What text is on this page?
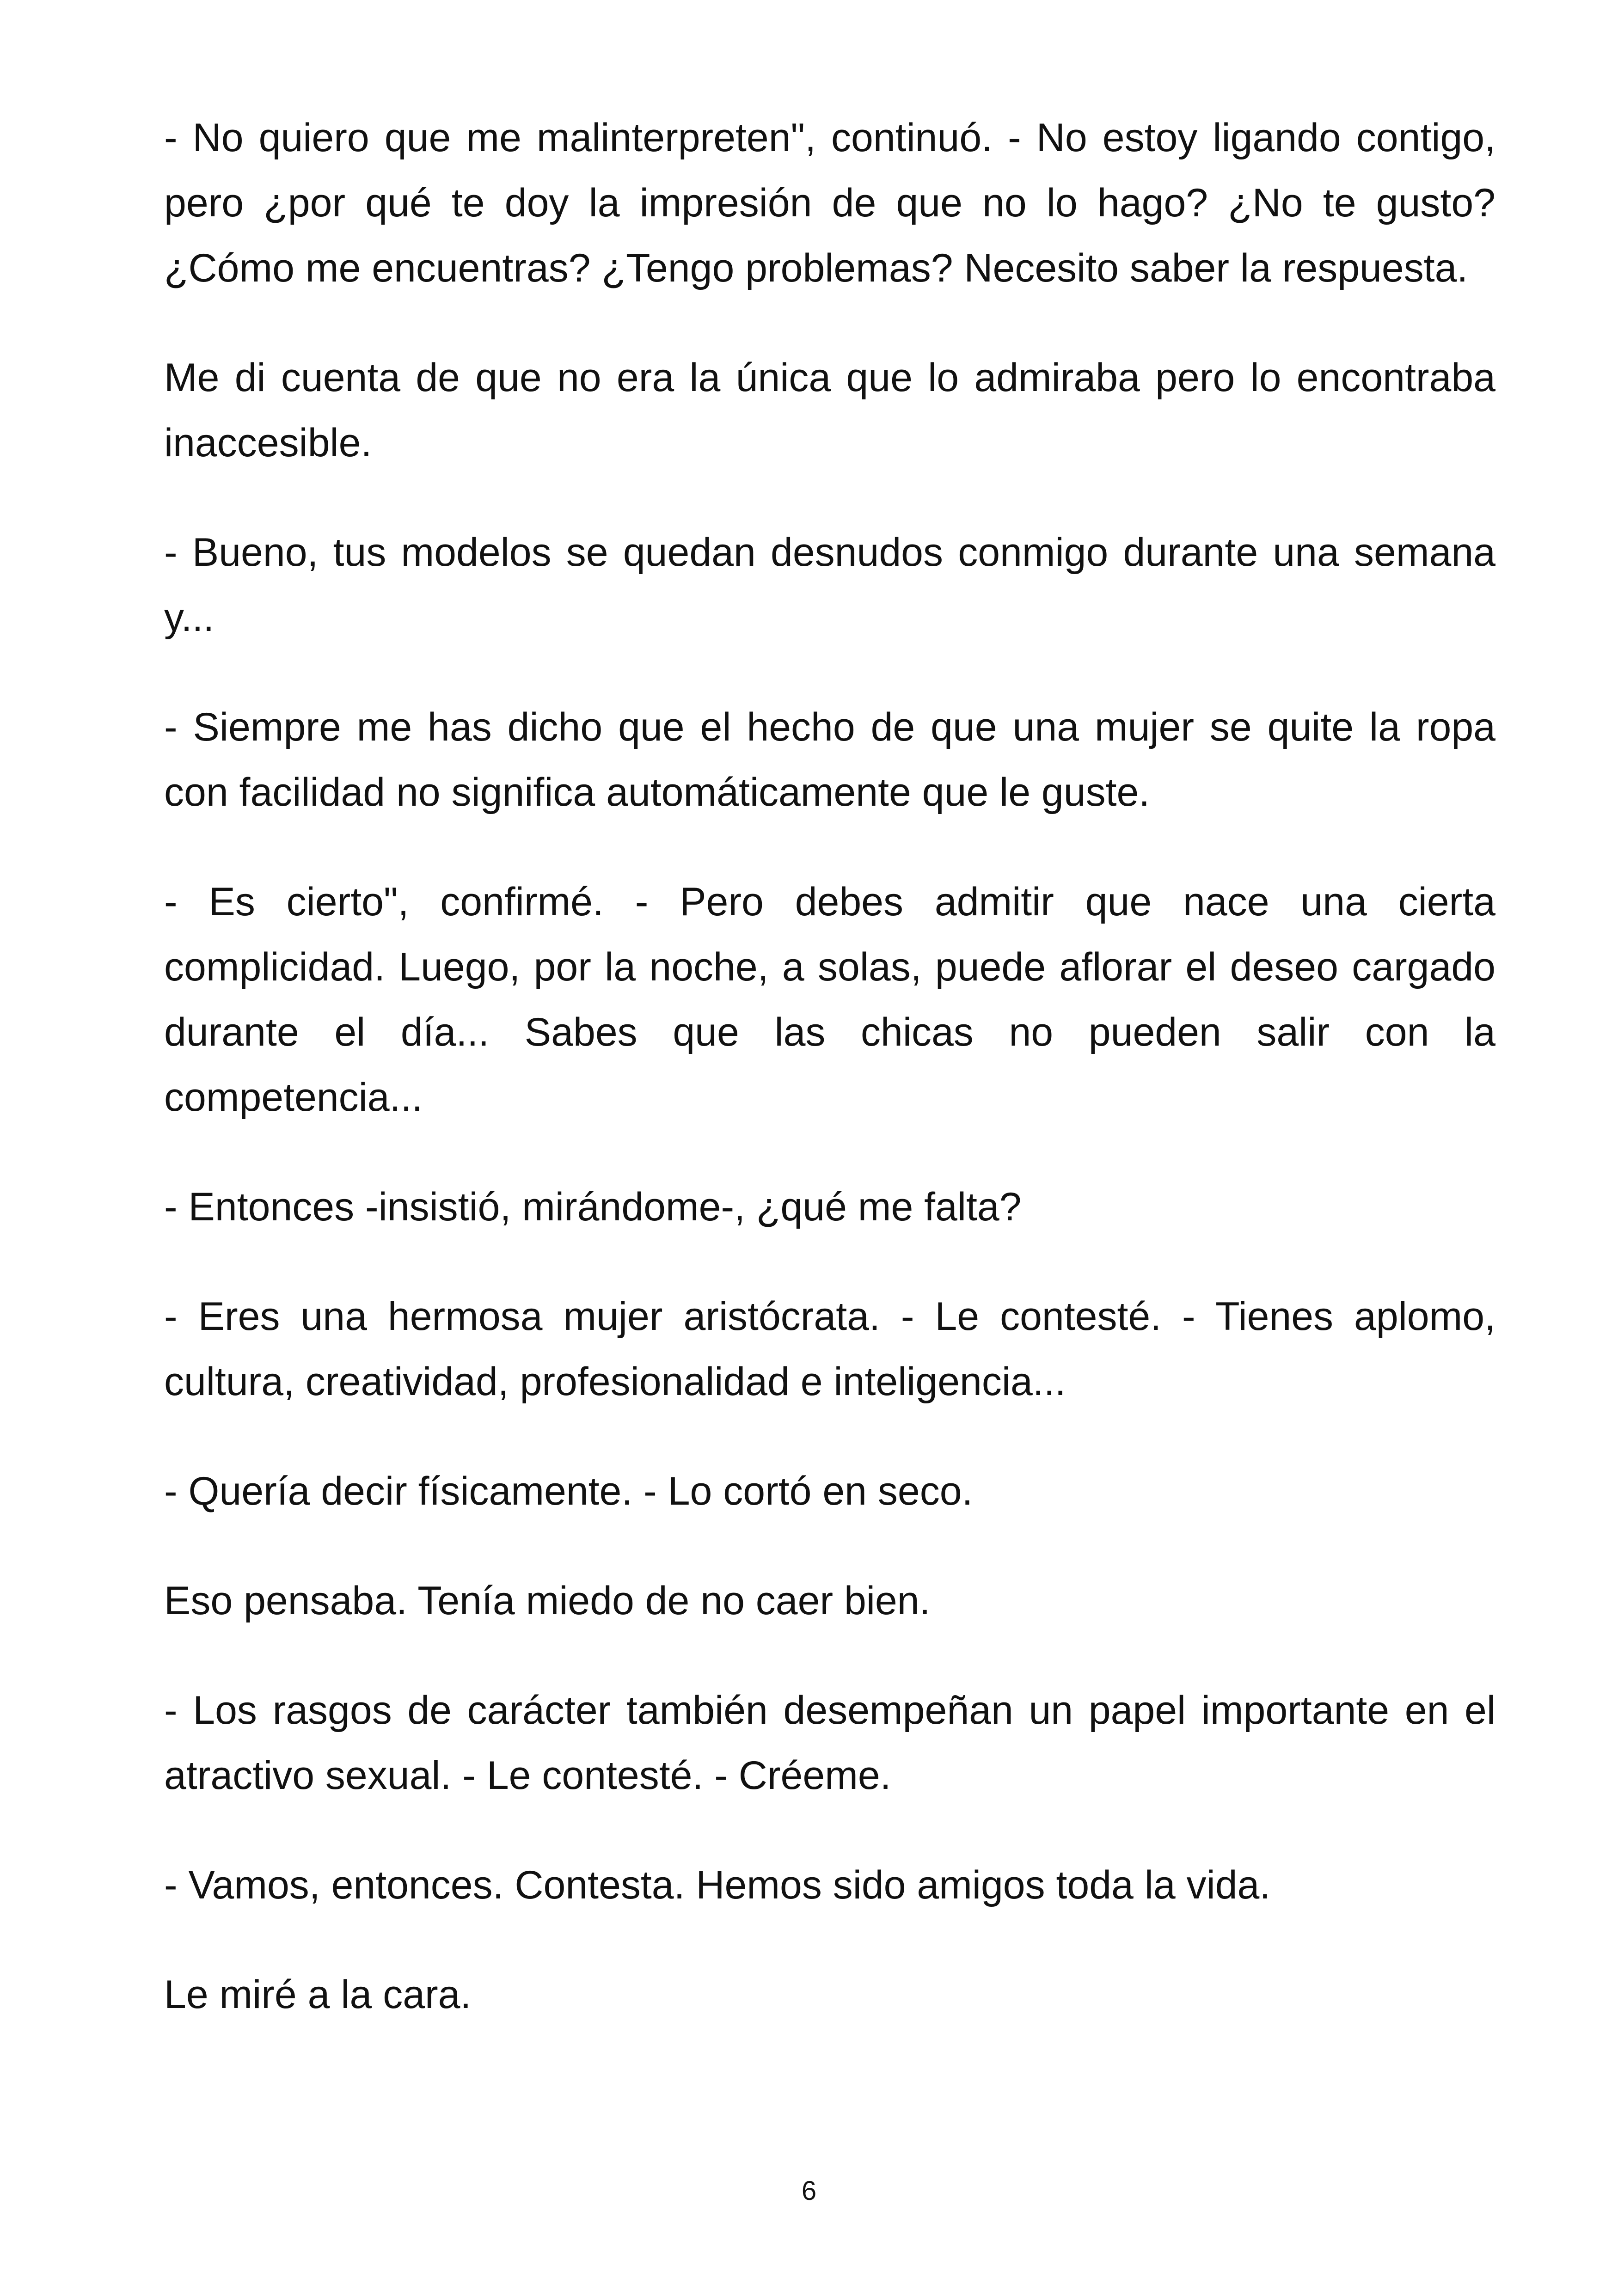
- No quiero que me malinterpreten", continuó. - No estoy ligando contigo, pero ¿por qué te doy la impresión de que no lo hago? ¿No te gusto? ¿Cómo me encuentras? ¿Tengo problemas? Necesito saber la respuesta.

Me di cuenta de que no era la única que lo admiraba pero lo encontraba inaccesible.

- Bueno, tus modelos se quedan desnudos conmigo durante una semana y...

- Siempre me has dicho que el hecho de que una mujer se quite la ropa con facilidad no significa automáticamente que le guste.

- Es cierto", confirmé. - Pero debes admitir que nace una cierta complicidad. Luego, por la noche, a solas, puede aflorar el deseo cargado durante el día... Sabes que las chicas no pueden salir con la competencia...

- Entonces -insistió, mirándome-, ¿qué me falta?

- Eres una hermosa mujer aristócrata. - Le contesté. - Tienes aplomo, cultura, creatividad, profesionalidad e inteligencia...

- Quería decir físicamente. - Lo cortó en seco.

Eso pensaba. Tenía miedo de no caer bien.

- Los rasgos de carácter también desempeñan un papel importante en el atractivo sexual. - Le contesté. - Créeme.

- Vamos, entonces. Contesta. Hemos sido amigos toda la vida.

Le miré a la cara.

6
